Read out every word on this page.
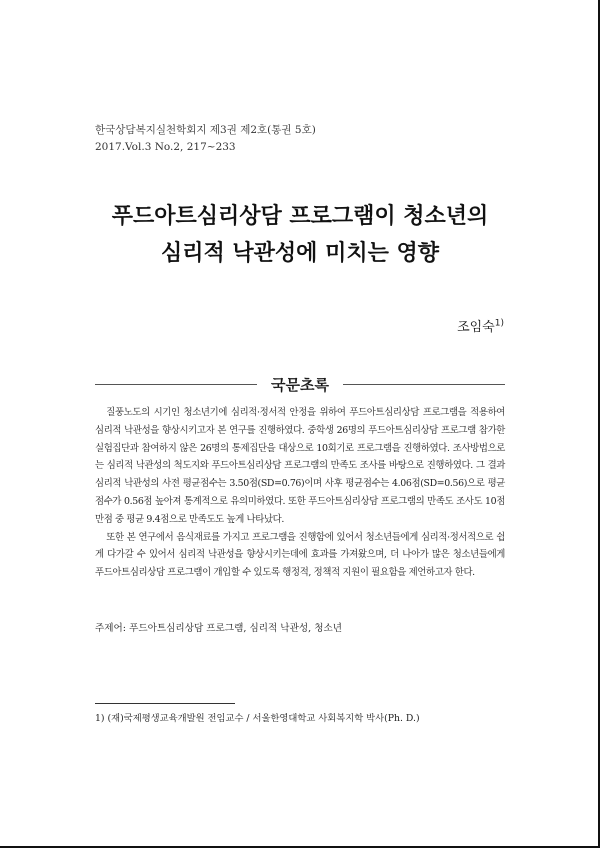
한국상담복지실천학회지 제3권 제2호(통권 5호)
2017.Vol.3 No.2, 217~233
푸드아트심리상담 프로그램이 청소년의
심리적 낙관성에 미치는 영향
조임숙$^{1)}$
국문초록

질풍노도의 시기인 청소년기에 심리적·정서적 안정을 위하여 푸드아트심리상담 프로그램을 적용하여 심리적 낙관성을 향상시키고자 본 연구를 진행하였다. 중학생 26명의 푸드아트심리상담 프로그램 참가한 실험집단과 참여하지 않은 26명의 통제집단을 대상으로 10회기로 프로그램을 진행하였다. 조사방법으로는 심리적 낙관성의 척도지와 푸드아트심리상담 프로그램의 만족도 조사를 바탕으로 진행하였다. 그 결과 심리적 낙관성의 사전 평균점수는 3.50점(SD=0.76)이며 사후 평균점수는 4.06점(SD=0.56)으로 평균점수가 0.56점 높아져 통계적으로 유의미하였다. 또한 푸드아트심리상담 프로그램의 만족도 조사도 10점 만점 중 평균 9.4점으로 만족도도 높게 나타났다.

또한 본 연구에서 음식재료를 가지고 프로그램을 진행함에 있어서 청소년들에게 심리적·정서적으로 쉽게 다가갈 수 있어서 심리적 낙관성을 향상시키는데에 효과를 가져왔으며, 더 나아가 많은 청소년들에게 푸드아트심리상담 프로그램이 개입할 수 있도록 행정적, 정책적 지원이 필요함을 제언하고자 한다.

주제어: 푸드아트심리상담 프로그램, 심리적 낙관성, 청소년
1) (재)국제평생교육개발원 전임교수 / 서울한영대학교 사회복지학 박사(Ph. D.)
